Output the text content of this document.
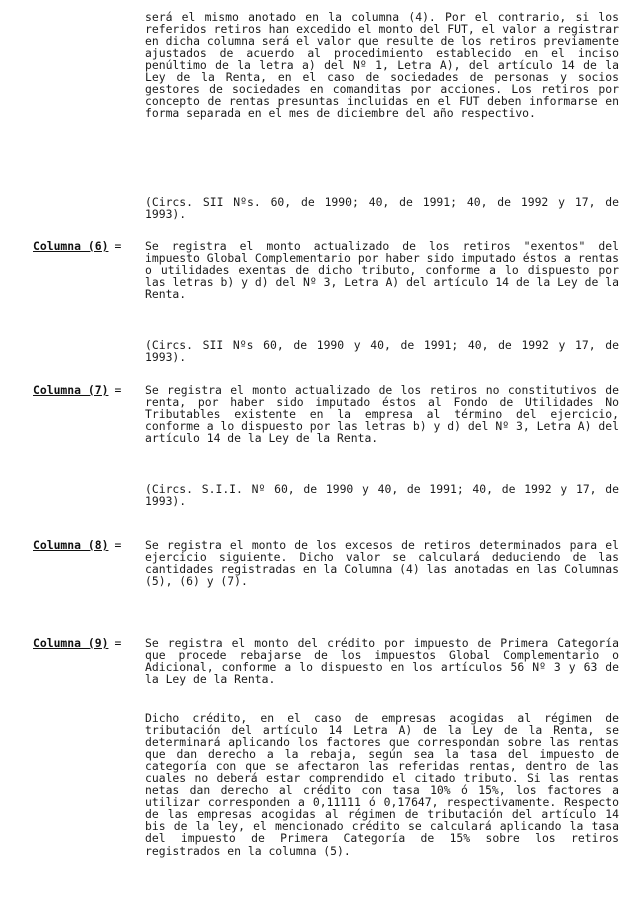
será el mismo anotado en la columna (4). Por el contrario, si los referidos retiros han excedido el monto del FUT, el valor a registrar en dicha columna será el valor que resulte de los retiros previamente ajustados de acuerdo al procedimiento establecido en el inciso penúltimo de la letra a) del Nº 1, Letra A), del artículo 14 de la Ley de la Renta, en el caso de sociedades de personas y socios gestores de sociedades en comanditas por acciones. Los retiros por concepto de rentas presuntas incluidas en el FUT deben informarse en forma separada en el mes de diciembre del año respectivo.

(Circs. SII Nºs. 60, de 1990; 40, de 1991; 40, de 1992 y 17, de 1993).

Columna (6) = Se registra el monto actualizado de los retiros "exentos" del impuesto Global Complementario por haber sido imputado éstos a rentas o utilidades exentas de dicho tributo, conforme a lo dispuesto por las letras b) y d) del Nº 3, Letra A) del artículo 14 de la Ley de la Renta.

(Circs. SII Nºs 60, de 1990 y 40, de 1991; 40, de 1992 y 17, de 1993).

Columna (7) = Se registra el monto actualizado de los retiros no constitutivos de renta, por haber sido imputado éstos al Fondo de Utilidades No Tributables existente en la empresa al término del ejercicio, conforme a lo dispuesto por las letras b) y d) del Nº 3, Letra A) del artículo 14 de la Ley de la Renta.

(Circs. S.I.I. Nº 60, de 1990 y 40, de 1991; 40, de 1992 y 17, de 1993).

Columna (8) = Se registra el monto de los excesos de retiros determinados para el ejercicio siguiente. Dicho valor se calculará deduciendo de las cantidades registradas en la Columna (4) las anotadas en las Columnas (5), (6) y (7).

Columna (9) = Se registra el monto del crédito por impuesto de Primera Categoría que procede rebajarse de los impuestos Global Complementario o Adicional, conforme a lo dispuesto en los artículos 56 Nº 3 y 63 de la Ley de la Renta.

Dicho crédito, en el caso de empresas acogidas al régimen de tributación del artículo 14 Letra A) de la Ley de la Renta, se determinará aplicando los factores que correspondan sobre las rentas que dan derecho a la rebaja, según sea la tasa del impuesto de categoría con que se afectaron las referidas rentas, dentro de las cuales no deberá estar comprendido el citado tributo. Si las rentas netas dan derecho al crédito con tasa 10% ó 15%, los factores a utilizar corresponden a 0,11111 ó 0,17647, respectivamente. Respecto de las empresas acogidas al régimen de tributación del artículo 14 bis de la ley, el mencionado crédito se calculará aplicando la tasa del impuesto de Primera Categoría de 15% sobre los retiros registrados en la columna (5).
